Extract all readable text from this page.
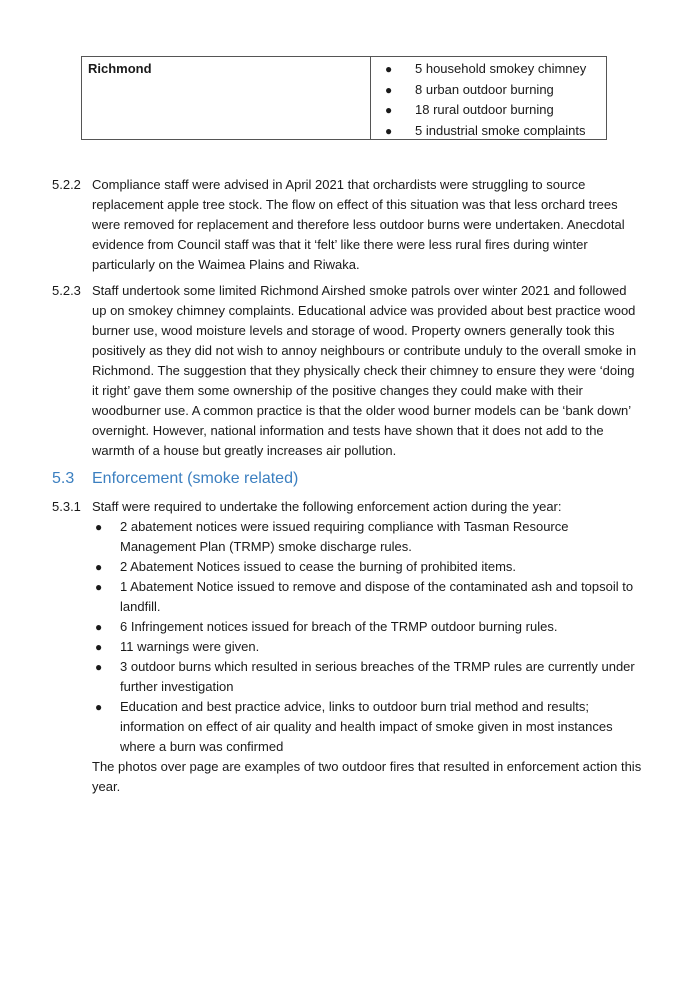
Richmond	● 5 household smokey chimney
● 8 urban outdoor burning
● 18 rural outdoor burning
● 5 industrial smoke complaints
5.2.2 Compliance staff were advised in April 2021 that orchardists were struggling to source replacement apple tree stock. The flow on effect of this situation was that less orchard trees were removed for replacement and therefore less outdoor burns were undertaken. Anecdotal evidence from Council staff was that it ‘felt’ like there were less rural fires during winter particularly on the Waimea Plains and Riwaka.
5.2.3 Staff undertook some limited Richmond Airshed smoke patrols over winter 2021 and followed up on smokey chimney complaints. Educational advice was provided about best practice wood burner use, wood moisture levels and storage of wood. Property owners generally took this positively as they did not wish to annoy neighbours or contribute unduly to the overall smoke in Richmond. The suggestion that they physically check their chimney to ensure they were ‘doing it right’ gave them some ownership of the positive changes they could make with their woodburner use. A common practice is that the older wood burner models can be ‘bank down’ overnight. However, national information and tests have shown that it does not add to the warmth of a house but greatly increases air pollution.
5.3 Enforcement (smoke related)
5.3.1 Staff were required to undertake the following enforcement action during the year:
● 2 abatement notices were issued requiring compliance with Tasman Resource Management Plan (TRMP) smoke discharge rules.
● 2 Abatement Notices issued to cease the burning of prohibited items.
● 1 Abatement Notice issued to remove and dispose of the contaminated ash and topsoil to landfill.
● 6 Infringement notices issued for breach of the TRMP outdoor burning rules.
● 11 warnings were given.
● 3 outdoor burns which resulted in serious breaches of the TRMP rules are currently under further investigation
● Education and best practice advice, links to outdoor burn trial method and results; information on effect of air quality and health impact of smoke given in most instances where a burn was confirmed
The photos over page are examples of two outdoor fires that resulted in enforcement action this year.
